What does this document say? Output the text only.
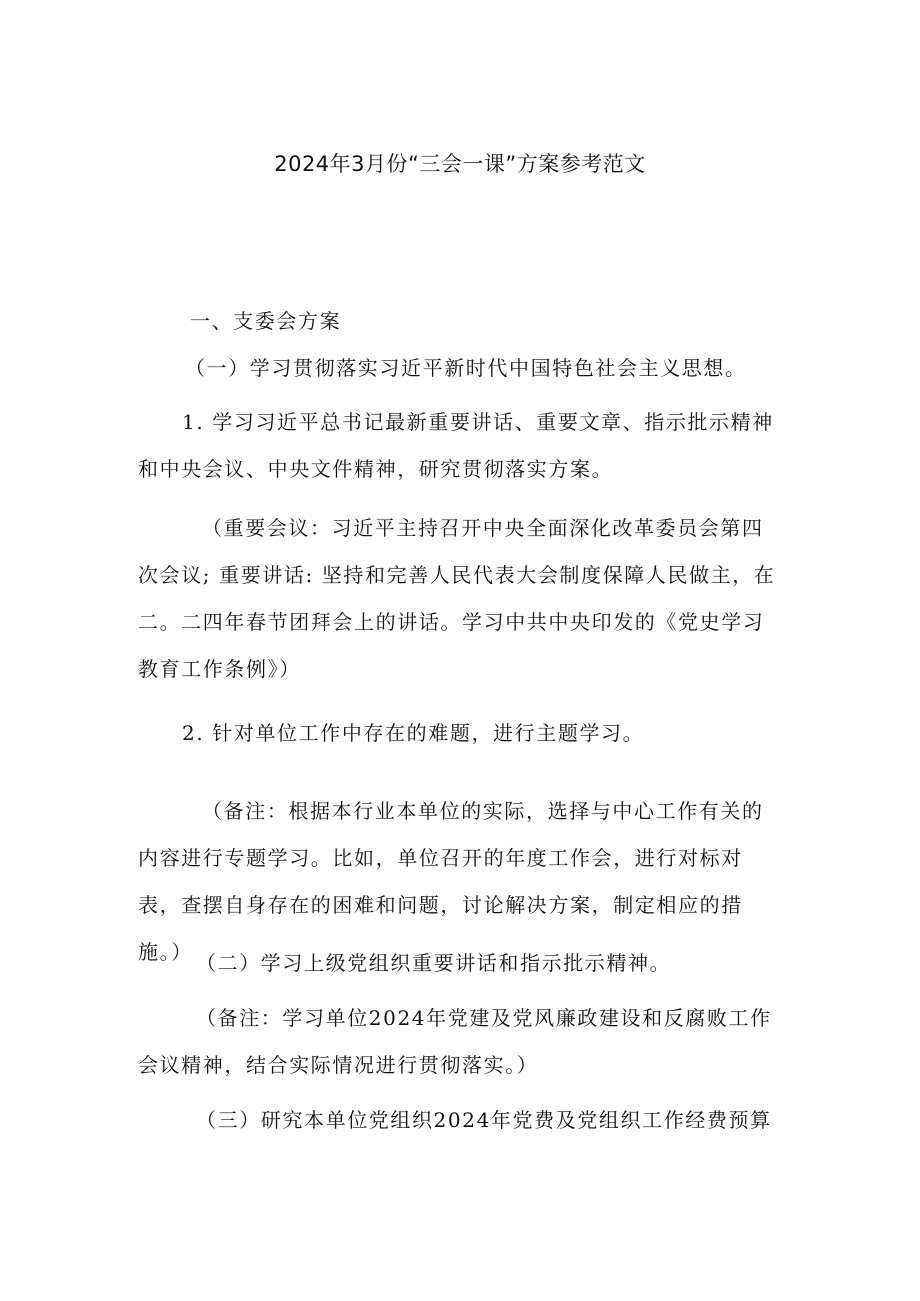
2024年3月份“三会一课”方案参考范文

一、支委会方案

（一）学习贯彻落实习近平新时代中国特色社会主义思想。

1. 学习习近平总书记最新重要讲话、重要文章、指示批示精神和中央会议、中央文件精神，研究贯彻落实方案。

（重要会议：习近平主持召开中央全面深化改革委员会第四次会议; 重要讲话: 坚持和完善人民代表大会制度保障人民做主，在二。二四年春节团拜会上的讲话。学习中共中央印发的《党史学习教育工作条例》）

2. 针对单位工作中存在的难题，进行主题学习。

（备注：根据本行业本单位的实际，选择与中心工作有关的内容进行专题学习。比如，单位召开的年度工作会，进行对标对表，查摆自身存在的困难和问题，讨论解决方案，制定相应的措施。） （二）学习上级党组织重要讲话和指示批示精神。

（备注：学习单位2024年党建及党风廉政建设和反腐败工作会议精神，结合实际情况进行贯彻落实。）

（三）研究本单位党组织2024年党费及党组织工作经费预算
